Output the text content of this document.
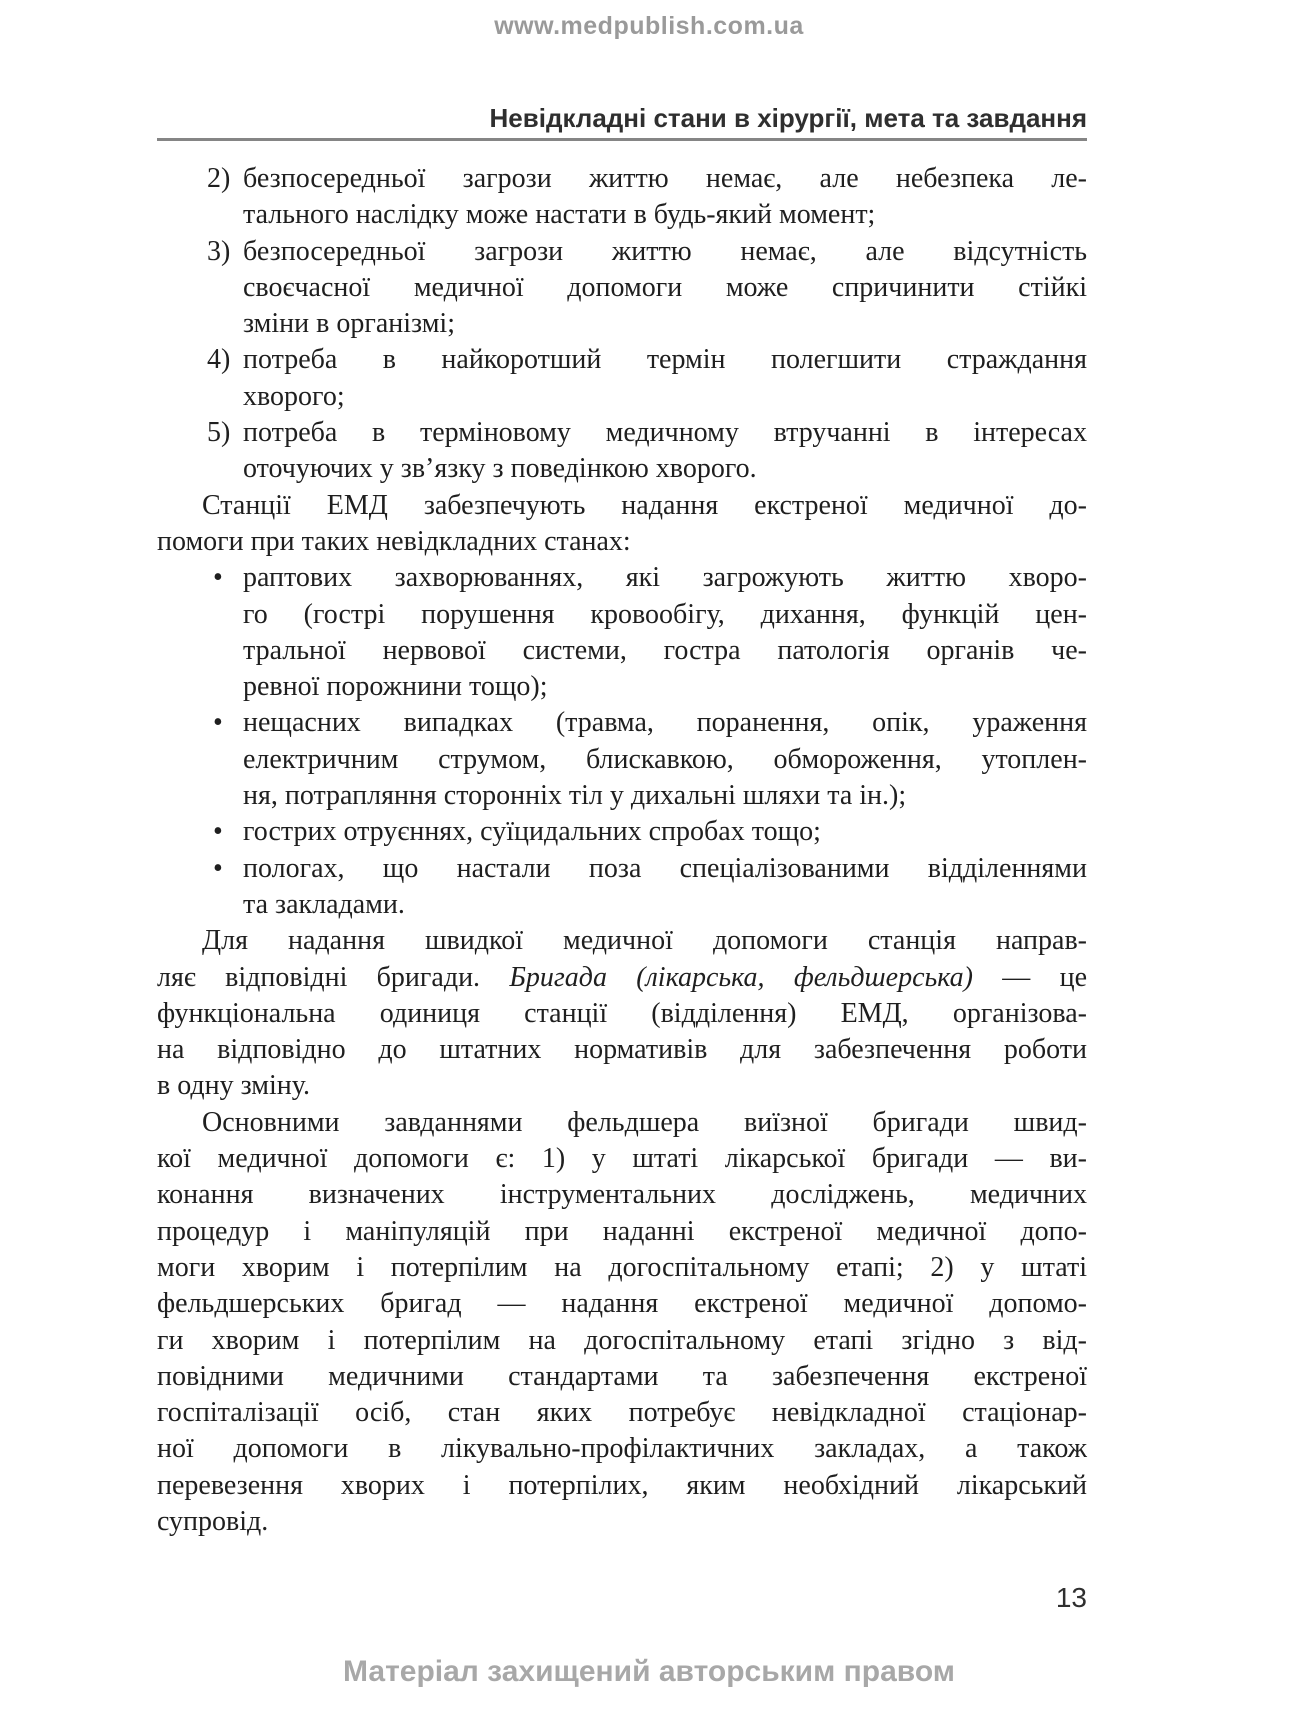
www.medpublish.com.ua
Невідкладні стани в хірургії, мета та завдання
2) безпосередньої загрози життю немає, але небезпека ле-
тального наслідку може настати в будь-який момент;
3) безпосередньої загрози життю немає, але відсутність
своєчасної медичної допомоги може спричинити стійкі
зміни в організмі;
4) потреба в найкоротший термін полегшити страждання
хворого;
5) потреба в терміновому медичному втручанні в інтересах
оточуючих у зв’язку з поведінкою хворого.
Станції ЕМД забезпечують надання екстреної медичної до-
помоги при таких невідкладних станах:
• раптових захворюваннях, які загрожують життю хворо-
го (гострі порушення кровообігу, дихання, функцій цен-
тральної нервової системи, гостра патологія органів че-
ревної порожнини тощо);
• нещасних випадках (травма, поранення, опік, ураження
електричним струмом, блискавкою, обмороження, утоплен-
ня, потрапляння сторонніх тіл у дихальні шляхи та ін.);
• гострих отруєннях, суїцидальних спробах тощо;
• пологах, що настали поза спеціалізованими відділеннями
та закладами.
Для надання швидкої медичної допомоги станція направ-
ляє відповідні бригади. Бригада (лікарська, фельдшерська) — це
функціональна одиниця станції (відділення) ЕМД, організова-
на відповідно до штатних нормативів для забезпечення роботи
в одну зміну.
Основними завданнями фельдшера виїзної бригади швид-
кої медичної допомоги є: 1) у штаті лікарської бригади — ви-
конання визначених інструментальних досліджень, медичних
процедур і маніпуляцій при наданні екстреної медичної допо-
моги хворим і потерпілим на догоспітальному етапі; 2) у штаті
фельдшерських бригад — надання екстреної медичної допомо-
ги хворим і потерпілим на догоспітальному етапі згідно з від-
повідними медичними стандартами та забезпечення екстреної
госпіталізації осіб, стан яких потребує невідкладної стаціонар-
ної допомоги в лікувально-профілактичних закладах, а також
перевезення хворих і потерпілих, яким необхідний лікарський
супровід.
13
Матеріал захищений авторським правом
